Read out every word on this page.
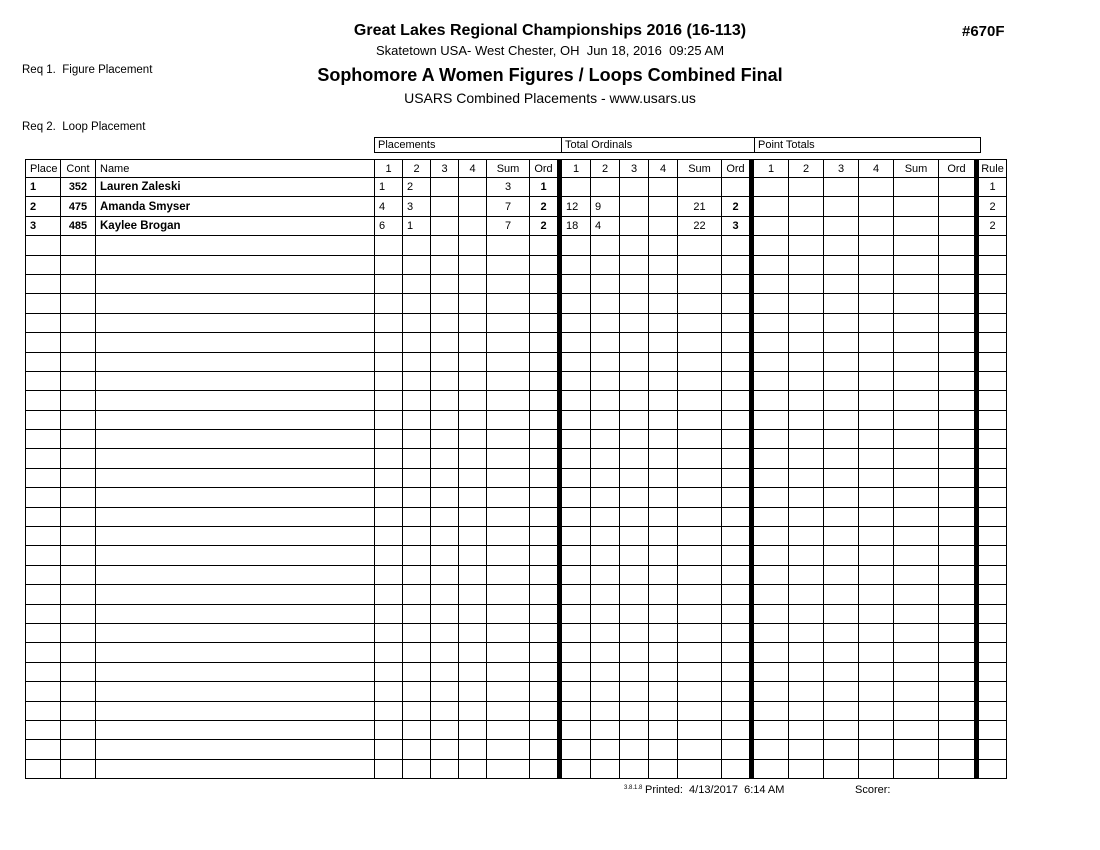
Req 1.  Figure Placement

Req 2.  Loop Placement

#670F
Great Lakes Regional Championships 2016 (16-113)
Skatetown USA- West Chester, OH  Jun 18, 2016  09:25 AM
Sophomore A Women Figures / Loops Combined Final
USARS Combined Placements - www.usars.us
Placements	Total Ordinals	Point Totals
Place	Cont	Name	1	2	3	4	Sum	Ord		1	2	3	4	Sum	Ord		1	2	3	4	Sum	Ord		Rule
1	352	Lauren Zaleski	1	2			3	1																1
2	475	Amanda Smyser	4	3			7	2		12	9			21	2									2
3	485	Kaylee Brogan	6	1			7	2		18	4			22	3									2

3.8.1.8 Printed:  4/13/2017  6:14 AM	Scorer:
